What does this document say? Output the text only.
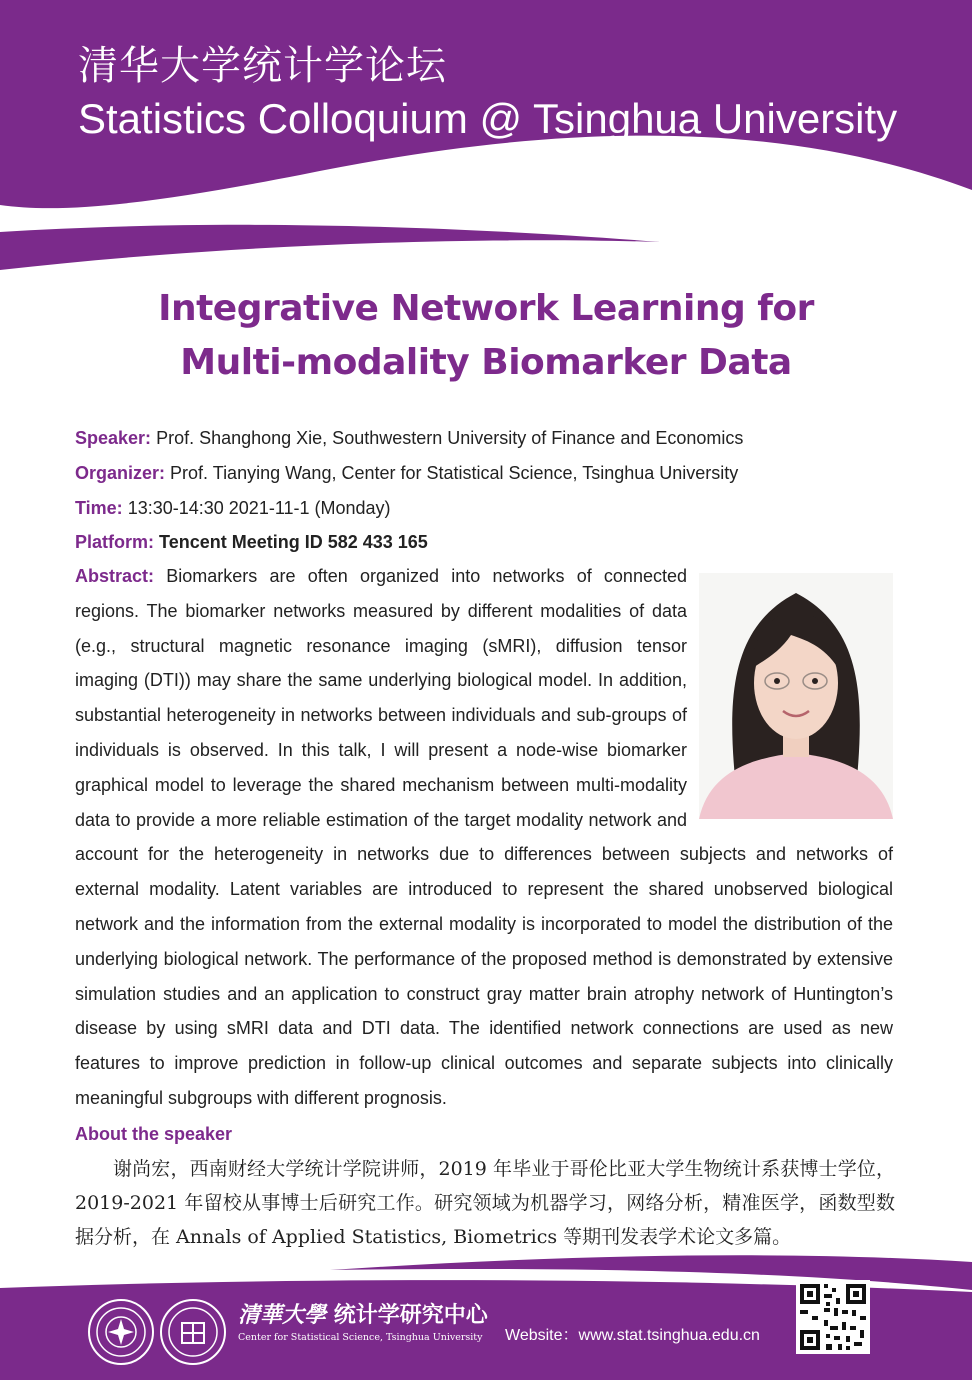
清华大学统计学论坛
Statistics Colloquium @ Tsinghua University
Integrative Network Learning for
Multi-modality Biomarker Data
Speaker: Prof. Shanghong Xie, Southwestern University of Finance and Economics
Organizer: Prof. Tianying Wang, Center for Statistical Science, Tsinghua University
Time: 13:30-14:30 2021-11-1 (Monday)
Platform: Tencent Meeting ID 582 433 165
Abstract: Biomarkers are often organized into networks of connected regions. The biomarker networks measured by different modalities of data (e.g., structural magnetic resonance imaging (sMRI), diffusion tensor imaging (DTI)) may share the same underlying biological model. In addition, substantial heterogeneity in networks between individuals and sub-groups of individuals is observed. In this talk, I will present a node-wise biomarker graphical model to leverage the shared mechanism between multi-modality data to provide a more reliable estimation of the target modality network and account for the heterogeneity in networks due to differences between subjects and networks of external modality. Latent variables are introduced to represent the shared unobserved biological network and the information from the external modality is incorporated to model the distribution of the underlying biological network. The performance of the proposed method is demonstrated by extensive simulation studies and an application to construct gray matter brain atrophy network of Huntington’s disease by using sMRI data and DTI data. The identified network connections are used as new features to improve prediction in follow-up clinical outcomes and separate subjects into clinically meaningful subgroups with different prognosis.
About the speaker
谢尚宏，西南财经大学统计学院讲师，2019 年毕业于哥伦比亚大学生物统计系获博士学位，2019-2021 年留校从事博士后研究工作。研究领域为机器学习，网络分析，精准医学，函数型数据分析，在 Annals of Applied Statistics, Biometrics 等期刊发表学术论文多篇。
清華大學 统计学研究中心
Center for Statistical Science, Tsinghua University	Website：www.stat.tsinghua.edu.cn
